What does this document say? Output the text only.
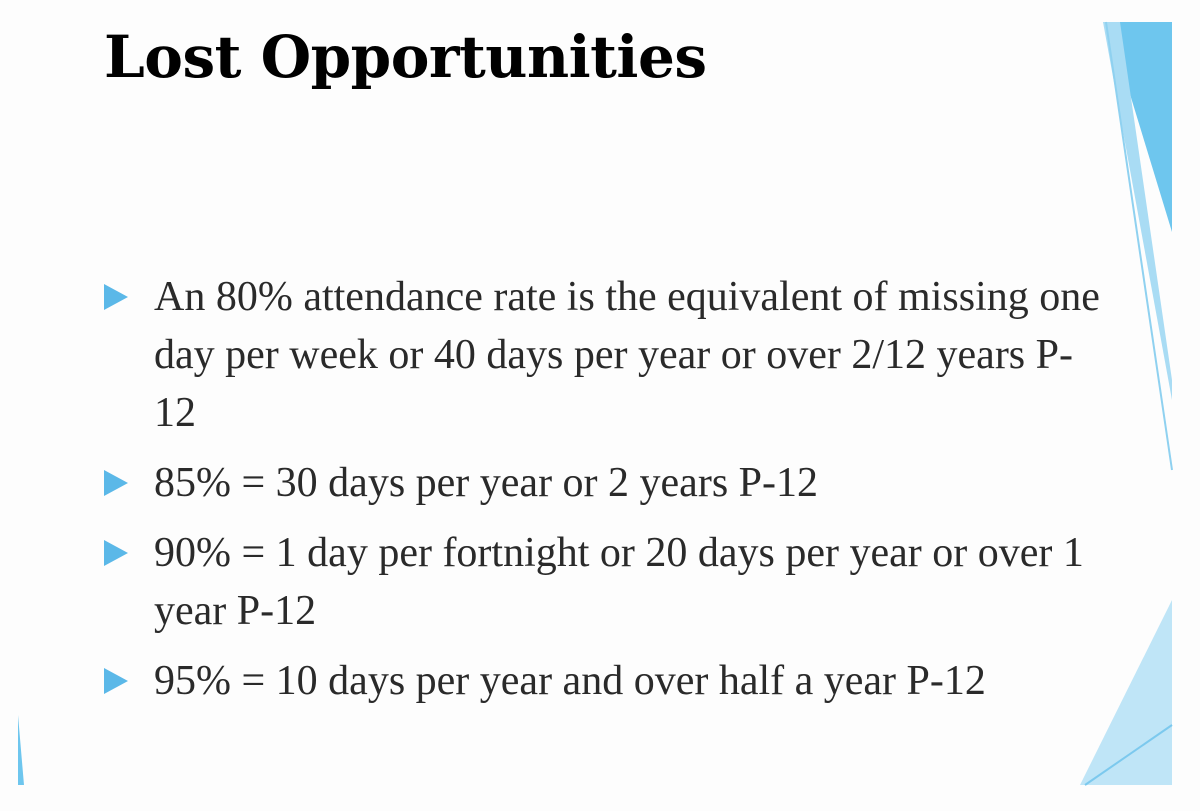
Lost Opportunities
An 80% attendance rate is the equivalent of missing one day per week or 40 days per year or over 2/12 years P-12
85% = 30 days per year or 2 years P-12
90% = 1 day per fortnight or 20 days per year or over 1 year P-12
95% = 10 days per year and over half a year P-12
